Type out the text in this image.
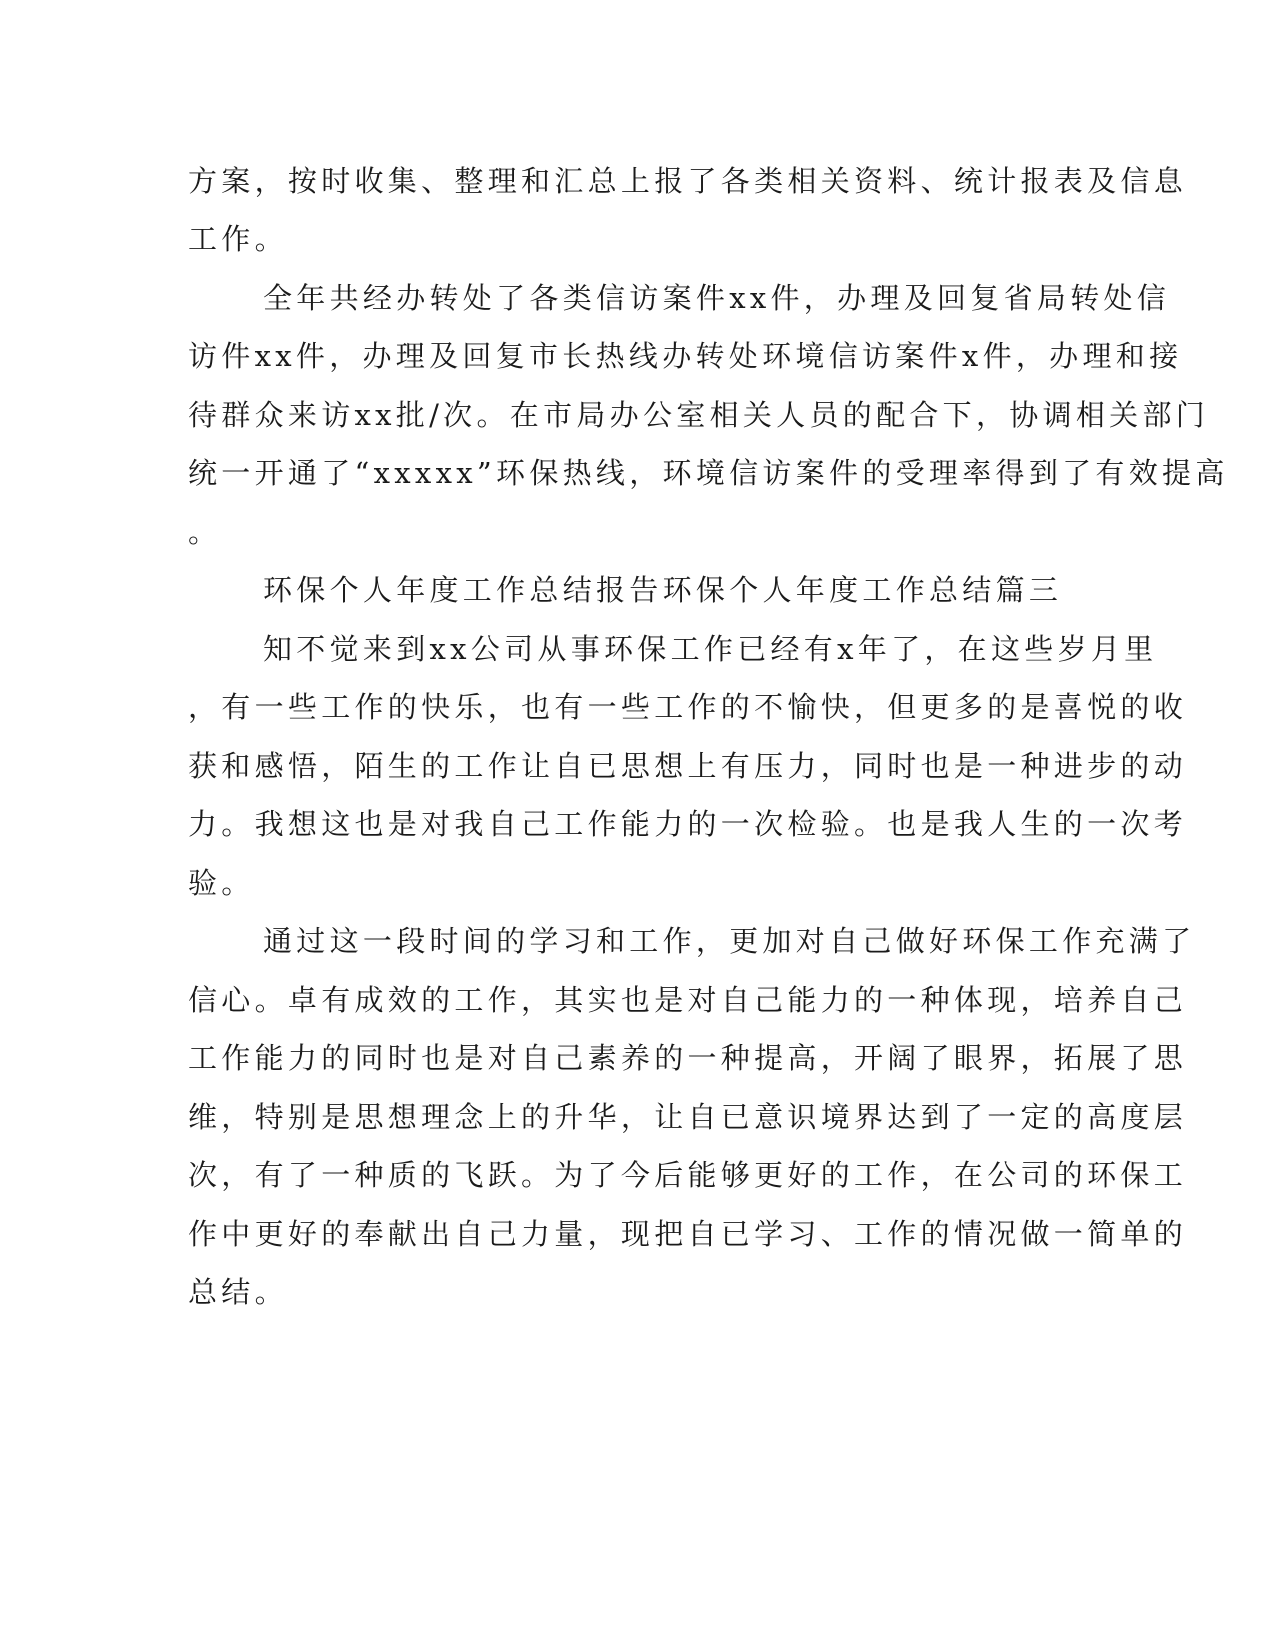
方案，按时收集、整理和汇总上报了各类相关资料、统计报表及信息
工作。
全年共经办转处了各类信访案件xx件，办理及回复省局转处信
访件xx件，办理及回复市长热线办转处环境信访案件x件，办理和接
待群众来访xx批/次。在市局办公室相关人员的配合下，协调相关部门
统一开通了“xxxxx”环保热线，环境信访案件的受理率得到了有效提高
。
环保个人年度工作总结报告环保个人年度工作总结篇三
知不觉来到xx公司从事环保工作已经有x年了，在这些岁月里
，有一些工作的快乐，也有一些工作的不愉快，但更多的是喜悦的收
获和感悟，陌生的工作让自已思想上有压力，同时也是一种进步的动
力。我想这也是对我自己工作能力的一次检验。也是我人生的一次考
验。
通过这一段时间的学习和工作，更加对自己做好环保工作充满了
信心。卓有成效的工作，其实也是对自己能力的一种体现，培养自己
工作能力的同时也是对自己素养的一种提高，开阔了眼界，拓展了思
维，特别是思想理念上的升华，让自已意识境界达到了一定的高度层
次，有了一种质的飞跃。为了今后能够更好的工作，在公司的环保工
作中更好的奉献出自己力量，现把自已学习、工作的情况做一简单的
总结。
